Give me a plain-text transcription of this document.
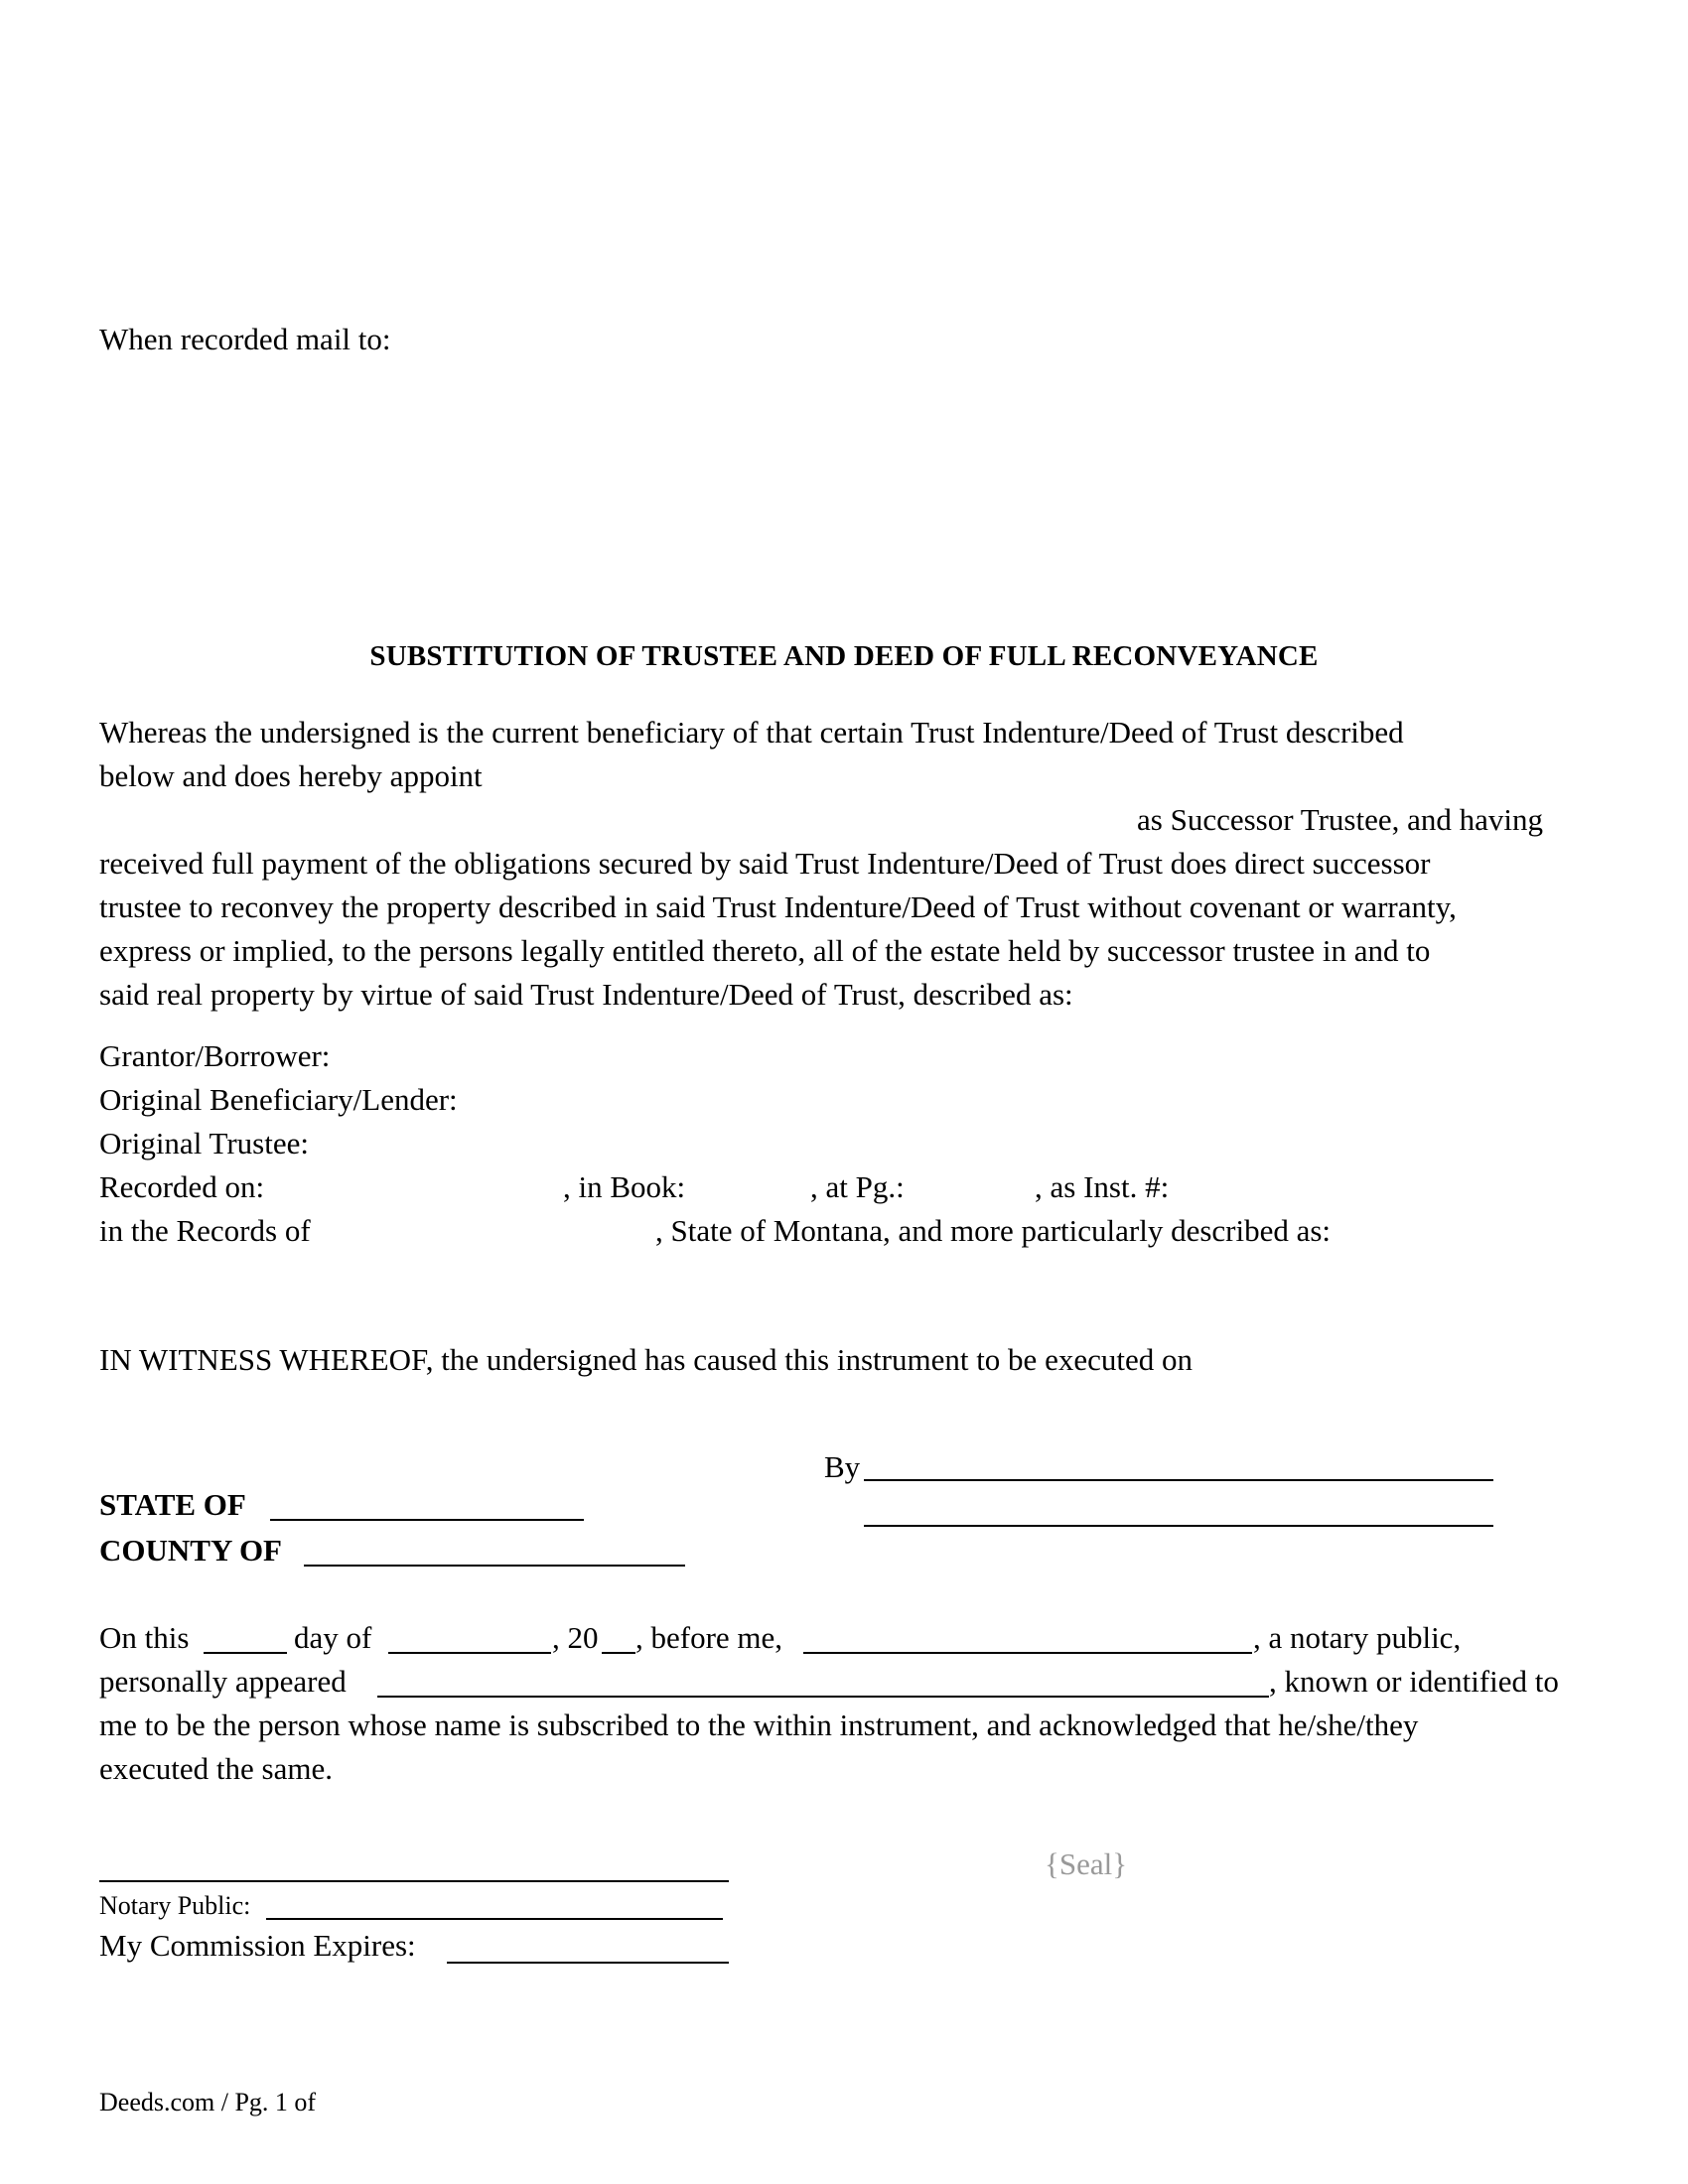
When recorded mail to:
SUBSTITUTION OF TRUSTEE AND DEED OF FULL RECONVEYANCE
Whereas the undersigned is the current beneficiary of that certain Trust Indenture/Deed of Trust described
below and does hereby appoint
as Successor Trustee, and having
received full payment of the obligations secured by said Trust Indenture/Deed of Trust does direct successor
trustee to reconvey the property described in said Trust Indenture/Deed of Trust without covenant or warranty,
express or implied, to the persons legally entitled thereto, all of the estate held by successor trustee in and to
said real property by virtue of said Trust Indenture/Deed of Trust, described as:
Grantor/Borrower:
Original Beneficiary/Lender:
Original Trustee:
Recorded on:	, in Book:	, at Pg.:	, as Inst. #:
in the Records of	, State of Montana, and more particularly described as:
IN WITNESS WHEREOF, the undersigned has caused this instrument to be executed on
By
STATE OF
COUNTY OF
On this	day of	, 20 , before me,	, a notary public,
personally appeared	, known or identified to
me to be the person whose name is subscribed to the within instrument, and acknowledged that he/she/they
executed the same.
{Seal}
Notary Public:
My Commission Expires:
Deeds.com / Pg. 1 of
